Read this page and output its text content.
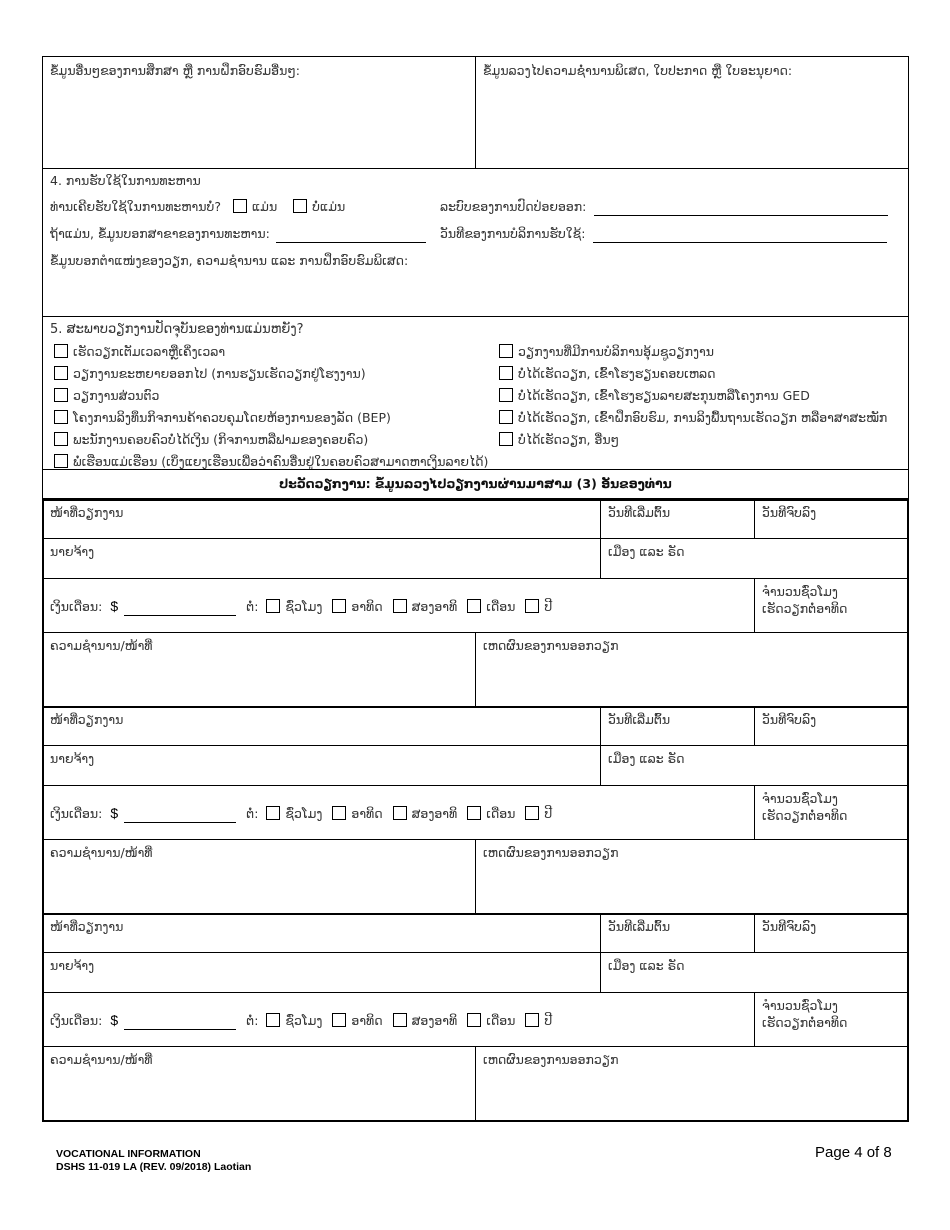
ຂໍ້ມູນອື່ນໆຂອງການສຶກສາ ຫຼື ການຝຶກອົບຮົມອື່ນໆ:	ຂໍ້ມູນລວງໄປຄວາມຊ່ຳນານພິເສດ, ໃບປະກາດ ຫຼື ໃບອະນຸຍາດ:
4. ການຮັບໃຊ້ໃນການທະຫານ
ທ່ານເຄີຍຮັບໃຊ້ໃນການທະຫານບໍ່? ແມ່ນ	ບໍ່ແມ່ນ	ລະບົບຂອງການປົດປ່ອຍອອກ:
ຖ້າແມ່ນ, ຂໍ້ມູນບອກສາຂາຂອງການທະຫານ:	ວັນທີຂອງການບໍລິການຮັບໃຊ້:
ຂໍ້ມູນບອກຕໍາແໜ່ງຂອງວຽກ, ຄວາມຊໍານານ ແລະ ການຝຶກອົບຮົມພິເສດ:
5. ສະພາບວຽກງານປັດຈຸບັນຂອງທ່ານແມ່ນຫຍັງ?
ເຮັດວຽກເຕັມເວລາຫຼືເຄິ່ງເວລາ
ວຽກງານຂະຫຍາຍອອກໄປ (ການຮຽນເຮັດວຽກຢູ່ໂຮງງານ)
ວຽກງານສ່ວນຕົວ
ໂຄງການລິງທຶນກິຈການຄ້າຄວບຄຸມໂດຍຫ້ອງການຂອງລັດ (BEP)
ພະນັກງານຄອບຄົວບໍ່ໄດ້ເງິນ (ກິຈການຫລືຟາມຂອງຄອບຄົວ)
ພໍ່ເຮືອນແມ່ເຮືອນ (ເບິ່ງແຍງເຮືອນເພື່ອວ່າຄົນອື່ນຢູ່ໃນຄອບຄົວສາມາດຫາເງິນລາຍໄດ້)
ວຽກງານທີ່ມີການບໍລິການອຸ້ມຊູວຽກງານ
ບໍ່ໄດ້ເຮັດວຽກ, ເຂົ້າໂຮງຮຽນຄອບເຫລດ
ບໍ່ໄດ້ເຮັດວຽກ, ເຂົ້າໂຮງຮຽນລາຍສະກຸນຫລືໂຄງການ GED
ບໍ່ໄດ້ເຮັດວຽກ, ເຂົ້າຝຶກອົບຮົມ, ການລິງພື້ນຖານເຮັດວຽກ ຫລືອາສາສະໝັກ
ບໍ່ໄດ້ເຮັດວຽກ, ອື່ນໆ
ປະວັດວຽກງານ: ຂໍ້ມູນລວງໄປວຽກງານຜ່ານມາສາມ (3) ອັນຂອງທ່ານ
ໜ້າທີ່ວຽກງານ	ວັນທີເລີ່ມຕົ້ນ	ວັນທີຈົບລົງ
ນາຍຈ້າງ	ເມືອງ ແລະ ຣັດ
ເງິນເດືອນ: $	ຕໍ່: ຊົ່ວໂມງ ອາທິດ ສອງອາທິ ເດືອນ ປີ
ຈຳນວນຊົ່ວໂມງ
ເຮັດວຽກຕໍ່ອາທິດ
ຄວາມຊຳນານ/ໜ້າທີ່	ເຫດຜົນຂອງການອອກວຽກ
ໜ້າທີ່ວຽກງານ	ວັນທີເລີ່ມຕົ້ນ	ວັນທີຈົບລົງ
ນາຍຈ້າງ	ເມືອງ ແລະ ຣັດ
ເງິນເດືອນ: $	ຕໍ່: ຊົ່ວໂມງ ອາທິດ ສອງອາທິ ເດືອນ ປີ
ຈຳນວນຊົ່ວໂມງ
ເຮັດວຽກຕໍ່ອາທິດ
ຄວາມຊຳນານ/ໜ້າທີ່	ເຫດຜົນຂອງການອອກວຽກ
ໜ້າທີ່ວຽກງານ	ວັນທີເລີ່ມຕົ້ນ	ວັນທີຈົບລົງ
ນາຍຈ້າງ	ເມືອງ ແລະ ຣັດ
ເງິນເດືອນ: $	ຕໍ່: ຊົ່ວໂມງ ອາທິດ ສອງອາທິ ເດືອນ ປີ
ຈຳນວນຊົ່ວໂມງ
ເຮັດວຽກຕໍ່ອາທິດ
ຄວາມຊຳນານ/ໜ້າທີ່	ເຫດຜົນຂອງການອອກວຽກ
VOCATIONAL INFORMATION
DSHS 11-019 LA (REV. 09/2018) Laotian
Page 4 of 8
